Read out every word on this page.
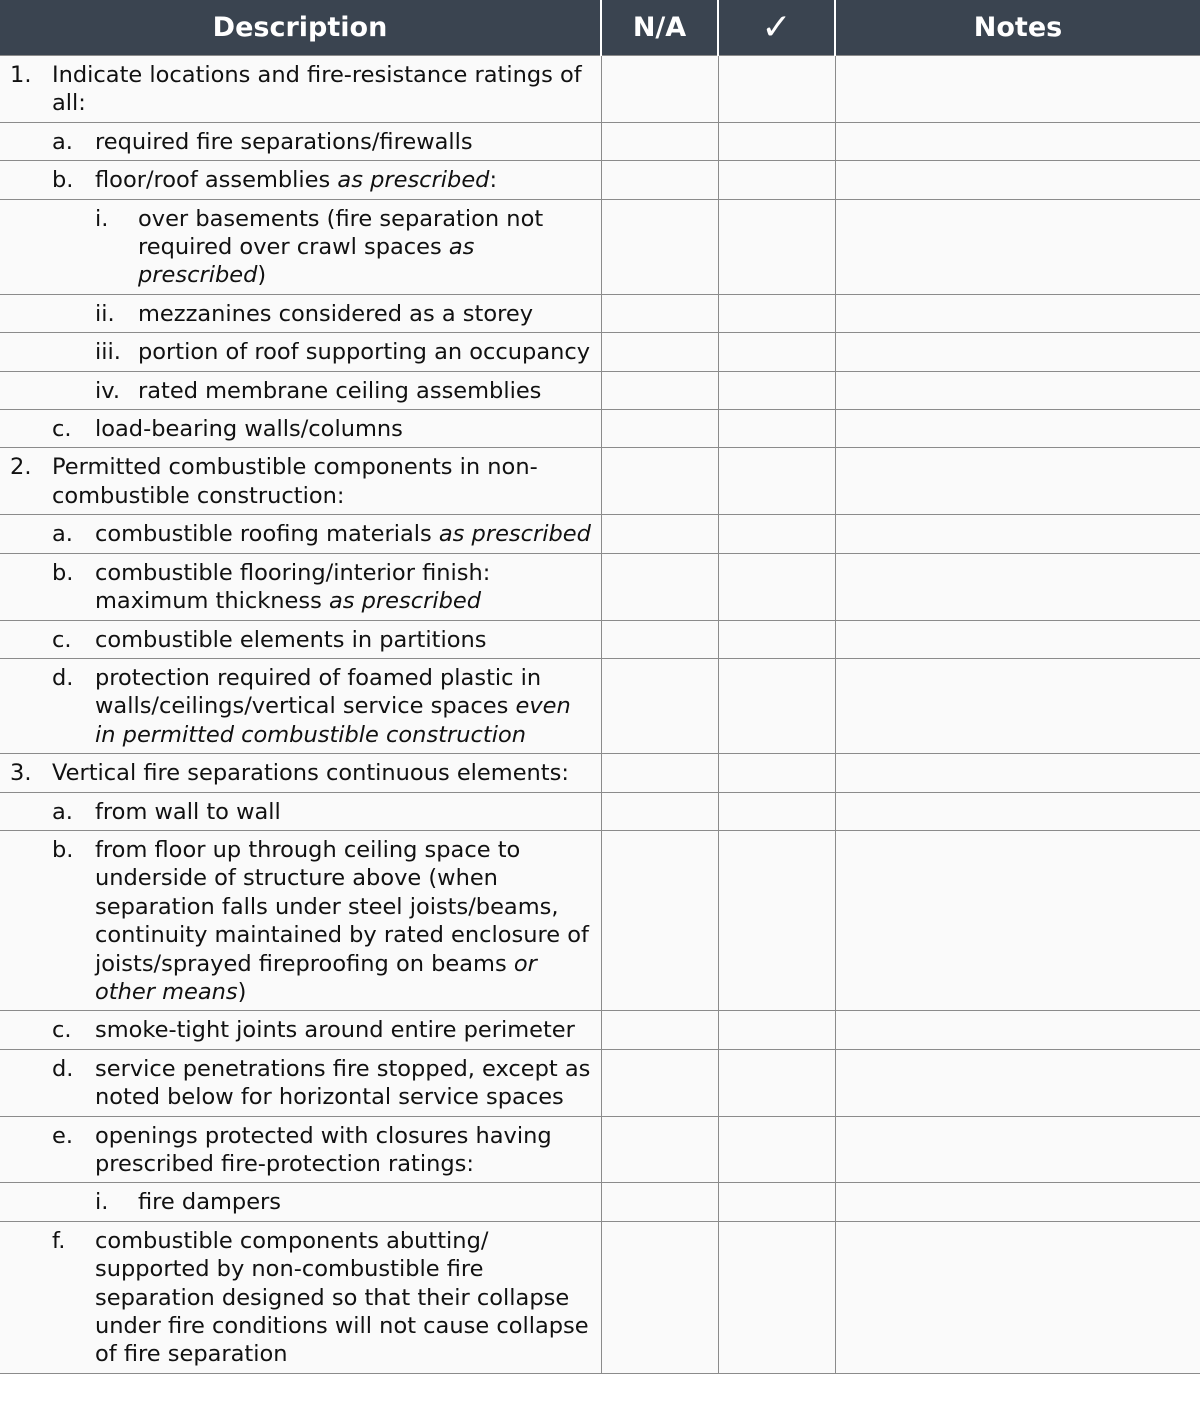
Description	N/A	✓	Notes

1. Indicate locations and fire-resistance ratings of all:			

a. required fire separations/firewalls			

b. floor/roof assemblies as prescribed:			

i. over basements (fire separation not required over crawl spaces as prescribed)			

ii. mezzanines considered as a storey			

iii. portion of roof supporting an occupancy			

iv. rated membrane ceiling assemblies			

c. load-bearing walls/columns			

2. Permitted combustible components in non-combustible construction:			

a. combustible roofing materials as prescribed			

b. combustible flooring/interior finish: maximum thickness as prescribed			

c. combustible elements in partitions			

d. protection required of foamed plastic in walls/ceilings/vertical service spaces even in permitted combustible construction			

3. Vertical fire separations continuous elements:			

a. from wall to wall			

b. from floor up through ceiling space to underside of structure above (when separation falls under steel joists/beams, continuity maintained by rated enclosure of joists/sprayed fireproofing on beams or other means)			

c. smoke-tight joints around entire perimeter			

d. service penetrations fire stopped, except as noted below for horizontal service spaces			

e. openings protected with closures having prescribed fire-protection ratings:			

i. fire dampers			

f. combustible components abutting/ supported by non-combustible fire separation designed so that their collapse under fire conditions will not cause collapse of fire separation			
